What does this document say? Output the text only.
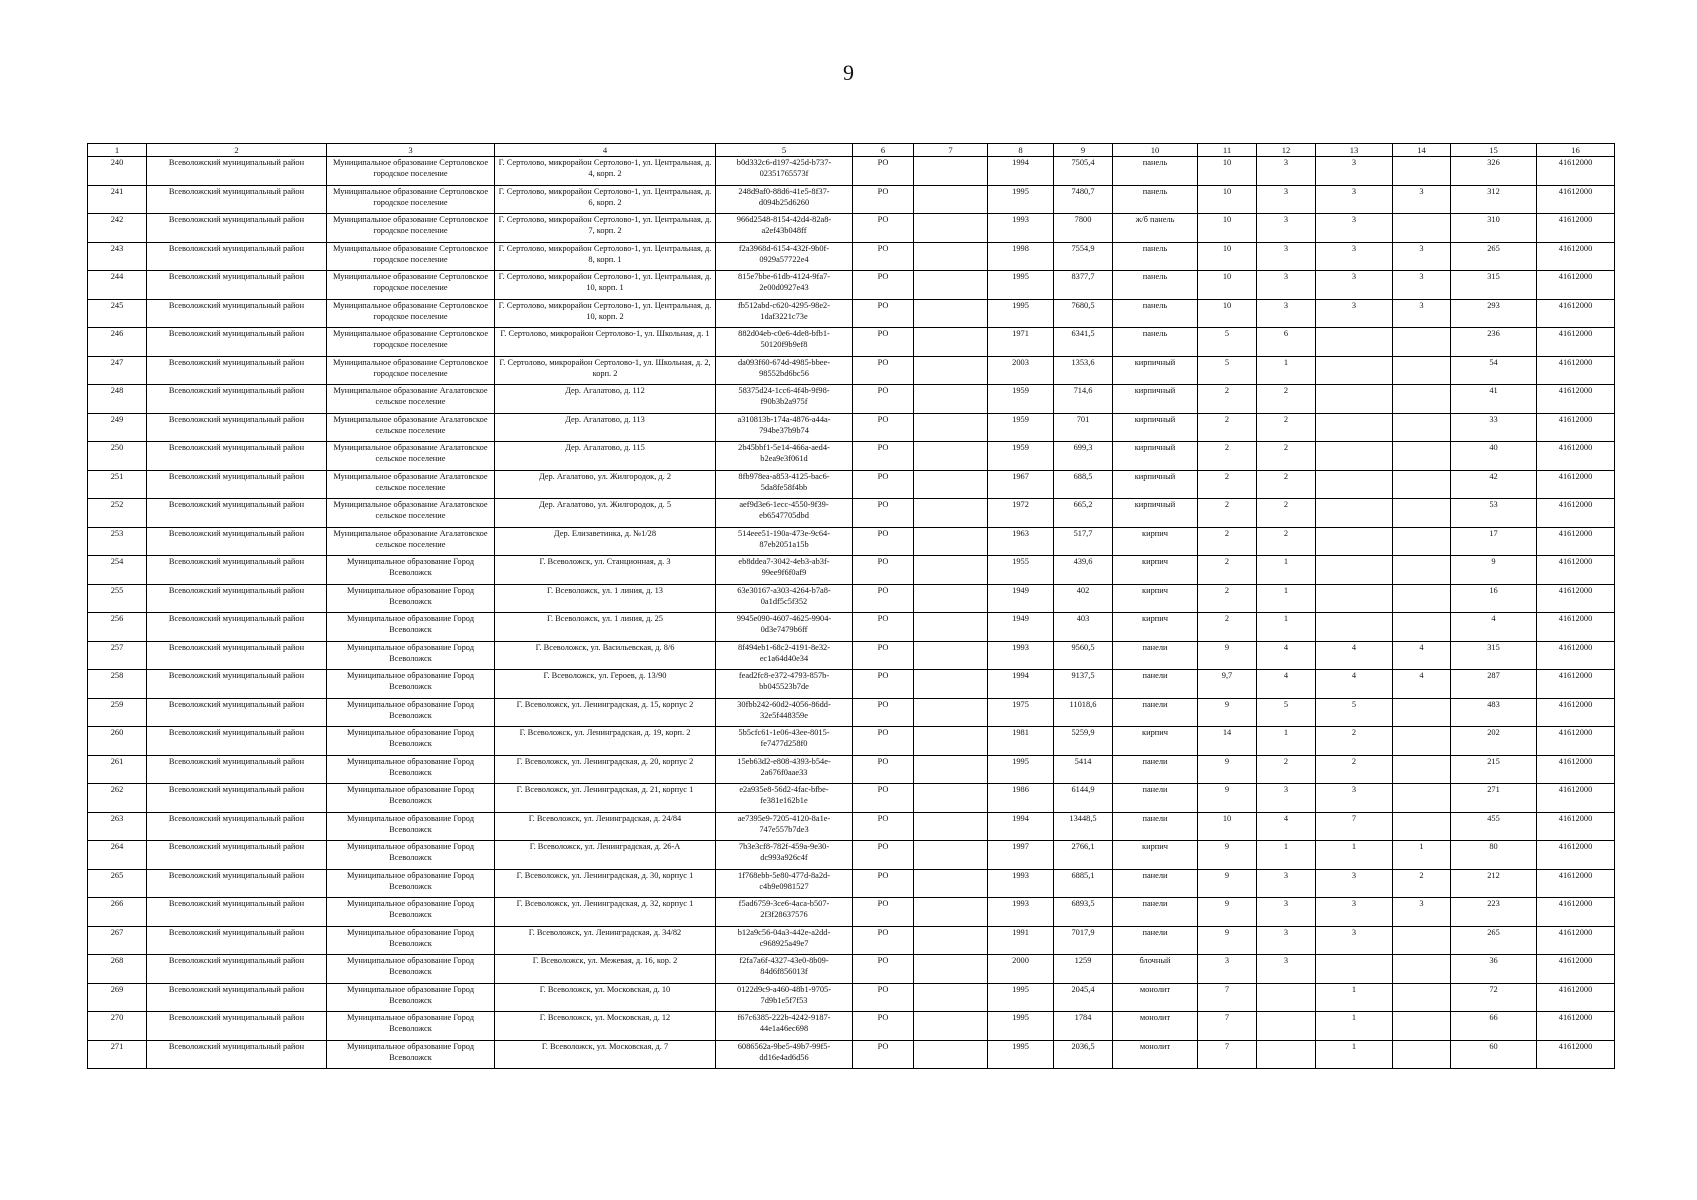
9
1	2	3	4	5	6	7	8	9	10	11	12	13	14	15	16
240	Всеволожский муниципальный район	Муниципальное образование Сертоловское городское поселение	Г. Сертолово, микрорайон Сертолово-1, ул. Центральная, д. 4, корп. 2	b0d332c6-d197-425d-b737-02351765573f	РО		1994	7505,4	панель	10	3	3		326	41612000
241	Всеволожский муниципальный район	Муниципальное образование Сертоловское городское поселение	Г. Сертолово, микрорайон Сертолово-1, ул. Центральная, д. 6, корп. 2	248d9af0-88d6-41e5-8f37-d094b25d6260	РО		1995	7480,7	панель	10	3	3	3	312	41612000
242	Всеволожский муниципальный район	Муниципальное образование Сертоловское городское поселение	Г. Сертолово, микрорайон Сертолово-1, ул. Центральная, д. 7, корп. 2	966d2548-8154-42d4-82a8-a2ef43b048ff	РО		1993	7800	ж/б панель	10	3	3		310	41612000
243	Всеволожский муниципальный район	Муниципальное образование Сертоловское городское поселение	Г. Сертолово, микрорайон Сертолово-1, ул. Центральная, д. 8, корп. 1	f2a3968d-6154-432f-9b0f-0929a57722e4	РО		1998	7554,9	панель	10	3	3	3	265	41612000
244	Всеволожский муниципальный район	Муниципальное образование Сертоловское городское поселение	Г. Сертолово, микрорайон Сертолово-1, ул. Центральная, д. 10, корп. 1	815e7bbe-61db-4124-9fa7-2e00d0927e43	РО		1995	8377,7	панель	10	3	3	3	315	41612000
245	Всеволожский муниципальный район	Муниципальное образование Сертоловское городское поселение	Г. Сертолово, микрорайон Сертолово-1, ул. Центральная, д. 10, корп. 2	fb512abd-c620-4295-98e2-1daf3221c73e	РО		1995	7680,5	панель	10	3	3	3	293	41612000
246	Всеволожский муниципальный район	Муниципальное образование Сертоловское городское поселение	Г. Сертолово, микрорайон Сертолово-1, ул. Школьная, д. 1	882d04eb-c0e6-4de8-bfb1-50120f9b9ef8	РО		1971	6341,5	панель	5	6			236	41612000
247	Всеволожский муниципальный район	Муниципальное образование Сертоловское городское поселение	Г. Сертолово, микрорайон Сертолово-1, ул. Школьная, д. 2, корп. 2	da093f60-674d-4985-bbee-98552bd6bc56	РО		2003	1353,6	кирпичный	5	1			54	41612000
248	Всеволожский муниципальный район	Муниципальное образование Агалатовское сельское поселение	Дер. Агалатово, д. 112	58375d24-1cc6-4f4b-9f98-f90b3b2a975f	РО		1959	714,6	кирпичный	2	2			41	41612000
249	Всеволожский муниципальный район	Муниципальное образование Агалатовское сельское поселение	Дер. Агалатово, д. 113	a310813b-174a-4876-a44a-794be37b9b74	РО		1959	701	кирпичный	2	2			33	41612000
250	Всеволожский муниципальный район	Муниципальное образование Агалатовское сельское поселение	Дер. Агалатово, д. 115	2b45bbf1-5e14-466a-aed4-b2ea9e3f061d	РО		1959	699,3	кирпичный	2	2			40	41612000
251	Всеволожский муниципальный район	Муниципальное образование Агалатовское сельское поселение	Дер. Агалатово, ул. Жилгородок, д. 2	8fb978ea-a853-4125-bac6-5da8fe58f4bb	РО		1967	688,5	кирпичный	2	2			42	41612000
252	Всеволожский муниципальный район	Муниципальное образование Агалатовское сельское поселение	Дер. Агалатово, ул. Жилгородок, д. 5	aef9d3e6-1ecc-4550-9f39-eb6547705dbd	РО		1972	665,2	кирпичный	2	2			53	41612000
253	Всеволожский муниципальный район	Муниципальное образование Агалатовское сельское поселение	Дер. Елизаветинка, д. №1/28	514eee51-190a-473e-9c64-87eb2051a15b	РО		1963	517,7	кирпич	2	2			17	41612000
254	Всеволожский муниципальный район	Муниципальное образование Город Всеволожск	Г. Всеволожск, ул. Станционная, д. 3	eb8ddea7-3042-4eb3-ab3f-99ee9f6f0af9	РО		1955	439,6	кирпич	2	1			9	41612000
255	Всеволожский муниципальный район	Муниципальное образование Город Всеволожск	Г. Всеволожск, ул. 1 линия, д. 13	63e30167-a303-4264-b7a8-0a1df5c5f352	РО		1949	402	кирпич	2	1			16	41612000
256	Всеволожский муниципальный район	Муниципальное образование Город Всеволожск	Г. Всеволожск, ул. 1 линия, д. 25	9945e090-4607-4625-9904-0d3e7479b6ff	РО		1949	403	кирпич	2	1			4	41612000
257	Всеволожский муниципальный район	Муниципальное образование Город Всеволожск	Г. Всеволожск, ул. Васильевская, д. 8/6	8f494eb1-68c2-4191-8e32-ec1a64d40e34	РО		1993	9560,5	панели	9	4	4	4	315	41612000
258	Всеволожский муниципальный район	Муниципальное образование Город Всеволожск	Г. Всеволожск, ул. Героев, д. 13/90	fead2fc8-e372-4793-857b-bb045523b7de	РО		1994	9137,5	панели	9,7	4	4	4	287	41612000
259	Всеволожский муниципальный район	Муниципальное образование Город Всеволожск	Г. Всеволожск, ул. Ленинградская, д. 15, корпус 2	30fbb242-60d2-4056-86dd-32e5f448359e	РО		1975	11018,6	панели	9	5	5		483	41612000
260	Всеволожский муниципальный район	Муниципальное образование Город Всеволожск	Г. Всеволожск, ул. Ленинградская, д. 19, корп. 2	5b5cfc61-1e06-43ee-8015-fe7477d258f0	РО		1981	5259,9	кирпич	14	1	2		202	41612000
261	Всеволожский муниципальный район	Муниципальное образование Город Всеволожск	Г. Всеволожск, ул. Ленинградская, д. 20, корпус 2	15eb63d2-e808-4393-b54e-2a676f0aae33	РО		1995	5414	панели	9	2	2		215	41612000
262	Всеволожский муниципальный район	Муниципальное образование Город Всеволожск	Г. Всеволожск, ул. Ленинградская, д. 21, корпус 1	e2a935e8-56d2-4fac-bfbe-fe381e162b1e	РО		1986	6144,9	панели	9	3	3		271	41612000
263	Всеволожский муниципальный район	Муниципальное образование Город Всеволожск	Г. Всеволожск, ул. Ленинградская, д. 24/84	ae7395e9-7205-4120-8a1e-747e557b7de3	РО		1994	13448,5	панели	10	4	7		455	41612000
264	Всеволожский муниципальный район	Муниципальное образование Город Всеволожск	Г. Всеволожск, ул. Ленинградская, д. 26-А	7b3e3cf8-782f-459a-9e30-dc993a926c4f	РО		1997	2766,1	кирпич	9	1	1	1	80	41612000
265	Всеволожский муниципальный район	Муниципальное образование Город Всеволожск	Г. Всеволожск, ул. Ленинградская, д. 30, корпус 1	1f768ebb-5e80-477d-8a2d-c4b9e0981527	РО		1993	6885,1	панели	9	3	3	2	212	41612000
266	Всеволожский муниципальный район	Муниципальное образование Город Всеволожск	Г. Всеволожск, ул. Ленинградская, д. 32, корпус 1	f5ad6759-3ce6-4aca-b507-2f3f28637576	РО		1993	6893,5	панели	9	3	3	3	223	41612000
267	Всеволожский муниципальный район	Муниципальное образование Город Всеволожск	Г. Всеволожск, ул. Ленинградская, д. 34/82	b12a9c56-04a3-442e-a2dd-c968925a49e7	РО		1991	7017,9	панели	9	3	3		265	41612000
268	Всеволожский муниципальный район	Муниципальное образование Город Всеволожск	Г. Всеволожск, ул. Межевая, д. 16, кор. 2	f2fa7a6f-4327-43e0-8b09-84d6f856013f	РО		2000	1259	блочный	3	3			36	41612000
269	Всеволожский муниципальный район	Муниципальное образование Город Всеволожск	Г. Всеволожск, ул. Московская, д. 10	0122d9c9-a460-48b1-9705-7d9b1e5f7f53	РО		1995	2045,4	монолит	7		1		72	41612000
270	Всеволожский муниципальный район	Муниципальное образование Город Всеволожск	Г. Всеволожск, ул. Московская, д. 12	f67c6385-222b-4242-9187-44e1a46ec698	РО		1995	1784	монолит	7		1		66	41612000
271	Всеволожский муниципальный район	Муниципальное образование Город Всеволожск	Г. Всеволожск, ул. Московская, д. 7	6086562a-9be5-49b7-99f5-dd16e4ad6d56	РО		1995	2036,5	монолит	7		1		60	41612000
